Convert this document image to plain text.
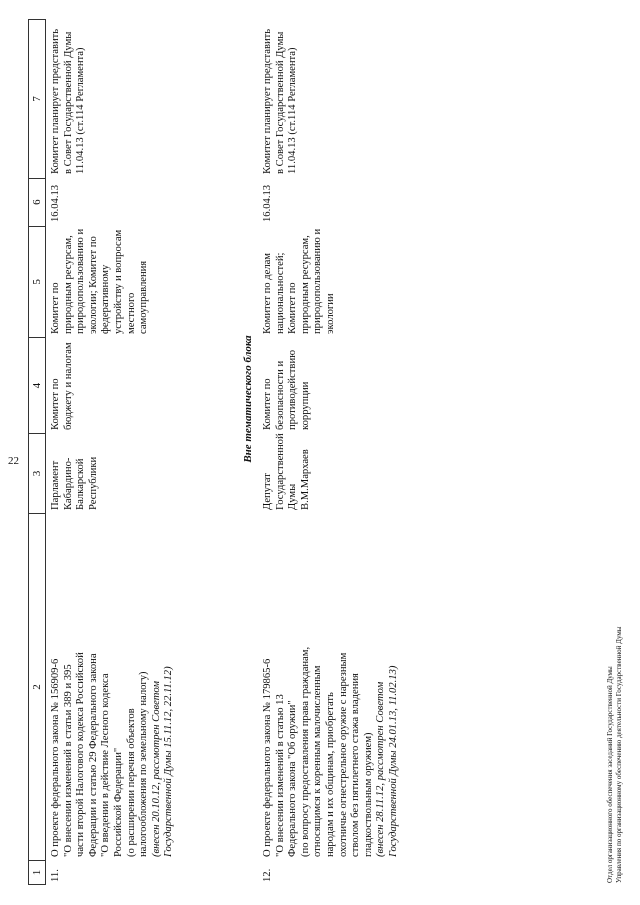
22
1
2
3
4
5
6
7
11.
О проекте федерального закона № 156909-6 "О внесении изменений в статьи 389 и 395 части второй Налогового кодекса Российской Федерации и статью 29 Федерального закона "О введении в действие Лесного кодекса Российской Федерации" (о расширении перечня объектов налогообложения по земельному налогу) (внесен 20.10.12, рассмотрен Советом Государственной Думы 15.11.12, 22.11.12)
Парламент Кабардино-Балкарской Республики
Комитет по бюджету и налогам
Комитет по природным ресурсам, природопользованию и экологии; Комитет по федеративному устройству и вопросам местного самоуправления
16.04.13
Комитет планирует представить в Совет Государственной Думы 11.04.13 (ст.114 Регламента)
Вне тематического блока
12.
О проекте федерального закона № 179865-6 "О внесении изменений в статью 13 Федерального закона "Об оружии" (по вопросу предоставления права гражданам, относящимся к коренным малочисленным народам и их общинам, приобретать охотничье огнестрельное оружие с нарезным стволом без пятилетнего стажа владения гладкоствольным оружием) (внесен 28.11.12, рассмотрен Советом Государственной Думы 24.01.13, 11.02.13)
Депутат Государственной Думы В.М.Мархаев
Комитет по безопасности и противодействию коррупции
Комитет по делам национальностей; Комитет по природным ресурсам, природопользованию и экологии
16.04.13
Комитет планирует представить в Совет Государственной Думы 11.04.13 (ст.114 Регламента)
Отдел организационного обеспечения заседаний Государственной Думы Управления по организационному обеспечению деятельности Государственной Думы
